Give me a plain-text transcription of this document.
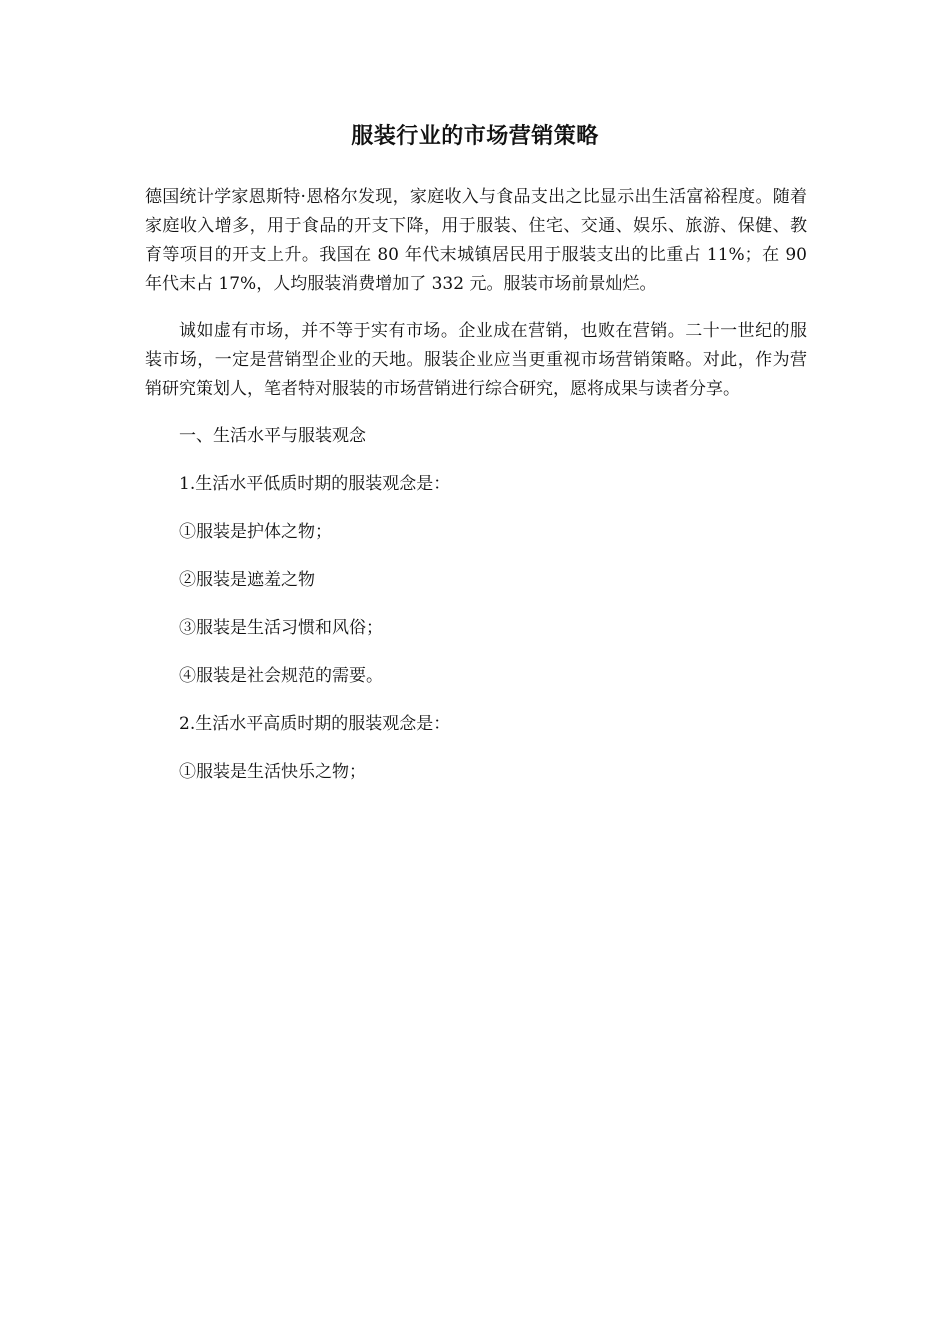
服装行业的市场营销策略

德国统计学家恩斯特·恩格尔发现，家庭收入与食品支出之比显示出生活富裕程度。随着家庭收入增多，用于食品的开支下降，用于服装、住宅、交通、娱乐、旅游、保健、教育等项目的开支上升。我国在 80 年代末城镇居民用于服装支出的比重占 11%；在 90 年代末占 17%，人均服装消费增加了 332 元。服装市场前景灿烂。

诚如虚有市场，并不等于实有市场。企业成在营销，也败在营销。二十一世纪的服装市场，一定是营销型企业的天地。服装企业应当更重视市场营销策略。对此，作为营销研究策划人，笔者特对服装的市场营销进行综合研究，愿将成果与读者分享。

一、生活水平与服装观念

1.生活水平低质时期的服装观念是：

①服装是护体之物；

②服装是遮羞之物

③服装是生活习惯和风俗；

④服装是社会规范的需要。

2.生活水平高质时期的服装观念是：

①服装是生活快乐之物；
